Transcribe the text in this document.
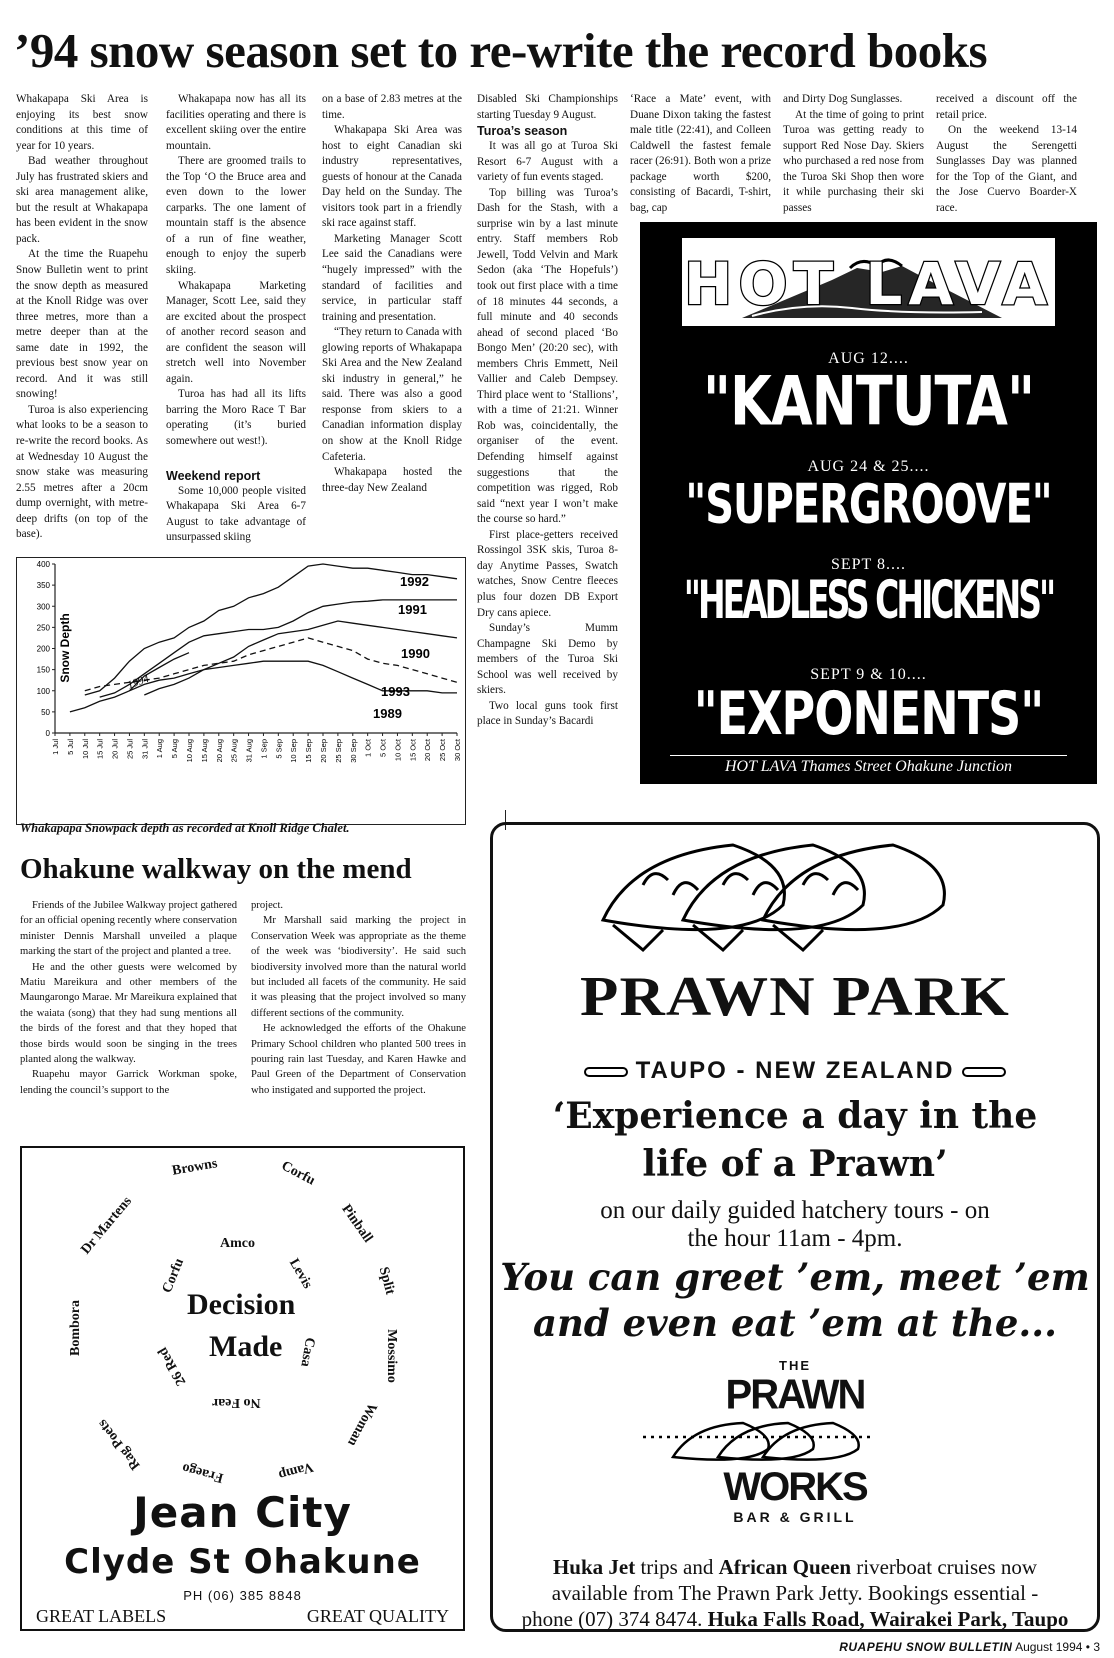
’94 snow season set to re-write the record books

Whakapapa Ski Area is enjoying its best snow conditions at this time of year for 10 years.

Bad weather throughout July has frustrated skiers and ski area management alike, but the result at Whakapapa has been evident in the snow pack.

At the time the Ruapehu Snow Bulletin went to print the snow depth as measured at the Knoll Ridge was over three metres, more than a metre deeper than at the same date in 1992, the previous best snow year on record. And it was still snowing!

Turoa is also experiencing what looks to be a season to re-write the record books. As at Wednesday 10 August the snow stake was measuring 2.55 metres after a 20cm dump overnight, with metre-deep drifts (on top of the base).

Whakapapa now has all its facilities operating and there is excellent skiing over the entire mountain.

There are groomed trails to the Top ‘O the Bruce area and even down to the lower carparks. The one lament of mountain staff is the absence of a run of fine weather, enough to enjoy the superb skiing.

Whakapapa Marketing Manager, Scott Lee, said they are excited about the prospect of another record season and are confident the season will stretch well into November again.

Turoa has had all its lifts barring the Moro Race T Bar operating (it’s buried somewhere out west!).

Weekend report

Some 10,000 people visited Whakapapa Ski Area 6-7 August to take advantage of unsurpassed skiing

on a base of 2.83 metres at the time.

Whakapapa Ski Area was host to eight Canadian ski industry representatives, guests of honour at the Canada Day held on the Sunday. The visitors took part in a friendly ski race against staff.

Marketing Manager Scott Lee said the Canadians were “hugely impressed” with the standard of facilities and service, in particular staff training and presentation.

“They return to Canada with glowing reports of Whakapapa Ski Area and the New Zealand ski industry in general,” he said. There was also a good response from skiers to a Canadian information display on show at the Knoll Ridge Cafeteria.

Whakapapa hosted the three-day New Zealand

Disabled Ski Championships starting Tuesday 9 August.

Turoa’s season

It was all go at Turoa Ski Resort 6-7 August with a variety of fun events staged.

Top billing was Turoa’s Dash for the Stash, with a surprise win by a last minute entry. Staff members Rob Jewell, Todd Velvin and Mark Sedon (aka ‘The Hopefuls’) took out first place with a time of 18 minutes 44 seconds, a full minute and 40 seconds ahead of second placed ‘Bo Bongo Men’ (20:20 sec), with members Chris Emmett, Neil Vallier and Caleb Dempsey. Third place went to ‘Stallions’, with a time of 21:21. Winner Rob was, coincidentally, the organiser of the event. Defending himself against suggestions that the competition was rigged, Rob said “next year I won’t make the course so hard.”

First place-getters received Rossingol 3SK skis, Turoa 8-day Anytime Passes, Swatch watches, Snow Centre fleeces plus four dozen DB Export Dry cans apiece.

Sunday’s Mumm Champagne Ski Demo by members of the Turoa Ski School was well received by skiers.

Two local guns took first place in Sunday’s Bacardi

‘Race a Mate’ event, with Duane Dixon taking the fastest male title (22:41), and Colleen Caldwell the fastest female racer (26:91). Both won a prize package worth $200, consisting of Bacardi, T-shirt, bag, cap

and Dirty Dog Sunglasses.

At the time of going to print Turoa was getting ready to support Red Nose Day. Skiers who purchased a red nose from the Turoa Ski Shop then wore it while purchasing their ski passes

received a discount off the retail price.

On the weekend 13-14 August the Serengetti Sunglasses Day was planned for the Top of the Giant, and the Jose Cuervo Boarder-X race.

0
50
100
150
200
250
300
350
400
Snow Depth
1 Jul 5 Jul 10 Jul 15 Jul 20 Jul 25 Jul 31 Jul 1 Aug 5 Aug 10 Aug 15 Aug 20 Aug 25 Aug 31 Aug 1 Sep 5 Sep 10 Sep 15 Sep 20 Sep 25 Sep 30 Sep 1 Oct 5 Oct 10 Oct 15 Oct 20 Oct 25 Oct 30 Oct
1994
1992
1991
1990
1993
1989
Whakapapa Snowpack depth as recorded at Knoll Ridge Chalet.
Ohakune walkway on the mend

Friends of the Jubilee Walkway project gathered for an official opening recently where conservation minister Dennis Marshall unveiled a plaque marking the start of the project and planted a tree.

He and the other guests were welcomed by Matiu Mareikura and other members of the Maungarongo Marae. Mr Mareikura explained that the waiata (song) that they had sung mentions all the birds of the forest and that they hoped that those birds would soon be singing in the trees planted along the walkway.

Ruapehu mayor Garrick Workman spoke, lending the council’s support to the

project.

Mr Marshall said marking the project in Conservation Week was appropriate as the theme of the week was ‘biodiversity’. He said such biodiversity involved more than the natural world but included all facets of the community. He said it was pleasing that the project involved so many different sections of the community.

He acknowledged the efforts of the Ohakune Primary School children who planted 500 trees in pouring rain last Tuesday, and Karen Hawke and Paul Green of the Department of Conservation who instigated and supported the project.

HOT LAVA
AUG 12....
"KANTUTA"
AUG 24 & 25....
"SUPERGROOVE"
SEPT 8....
"HEADLESS CHICKENS"
SEPT 9 & 10....
"EXPONENTS"
HOT LAVA Thames Street Ohakune Junction
PRAWN PARK
TAUPO - NEW ZEALAND
‘Experience a day in the
life of a Prawn’
on our daily guided hatchery tours - on
the hour 11am - 4pm.
You can greet ’em, meet ’em
and even eat ’em at the...
THE
PRAWN
WORKS
BAR & GRILL
Huka Jet trips and African Queen riverboat cruises now
available from The Prawn Park Jetty. Bookings essential -
phone (07) 374 8474. Huka Falls Road, Wairakei Park, Taupo
Browns	Corfu
Pinball
Split
Mossimo
Woman
Vamp
Fraego
Rag Poets
Bombora
Dr Martens	Amco
Levis
Corfu
26 Red	Casa
No Fear
Decision
Made
Jean City
Clyde St Ohakune
PH (06) 385 8848
GREAT LABELS	GREAT QUALITY
RUAPEHU SNOW BULLETIN August 1994 • 3
